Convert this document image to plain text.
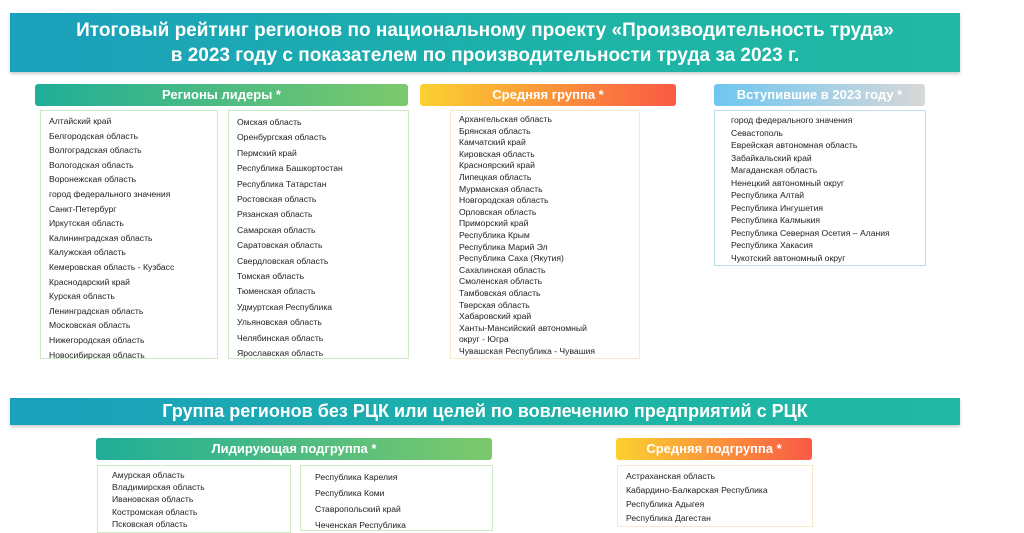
Итоговый рейтинг регионов по национальному проекту «Производительность труда»
в 2023 году с показателем по производительности труда за 2023 г.
Регионы лидеры *	Средняя группа *	Вступившие в 2023 году *
Алтайский край
Белгородская область
Волгоградская область
Вологодская область
Воронежская область
город федерального значения
Санкт-Петербург
Иркутская область
Калининградская область
Калужская область
Кемеровская область - Кузбасс
Краснодарский край
Курская область
Ленинградская область
Московская область
Нижегородская область
Новосибирская область
Омская область
Оренбургская область
Пермский край
Республика Башкортостан
Республика Татарстан
Ростовская область
Рязанская область
Самарская область
Саратовская область
Свердловская область
Томская область
Тюменская область
Удмуртская Республика
Ульяновская область
Челябинская область
Ярославская область
Архангельская область
Брянская область
Камчатский край
Кировская область
Красноярский край
Липецкая область
Мурманская область
Новгородская область
Орловская область
Приморский край
Республика Крым
Республика Марий Эл
Республика Саха (Якутия)
Сахалинская область
Смоленская область
Тамбовская область
Тверская область
Хабаровский край
Ханты-Мансийский автономный
округ - Югра
Чувашская Республика - Чувашия
город федерального значения
Севастополь
Еврейская автономная область
Забайкальский край
Магаданская область
Ненецкий автономный округ
Республика Алтай
Республика Ингушетия
Республика Калмыкия
Республика Северная Осетия – Алания
Республика Хакасия
Чукотский автономный округ
Группа регионов без РЦК или целей по вовлечению предприятий с РЦК
Лидирующая подгруппа *	Средняя подгруппа *
Амурская область
Владимирская область
Ивановская область
Костромская область
Псковская область
Республика Карелия
Республика Коми
Ставропольский край
Чеченская Республика
Астраханская область
Кабардино-Балкарская Республика
Республика Адыгея
Республика Дагестан
